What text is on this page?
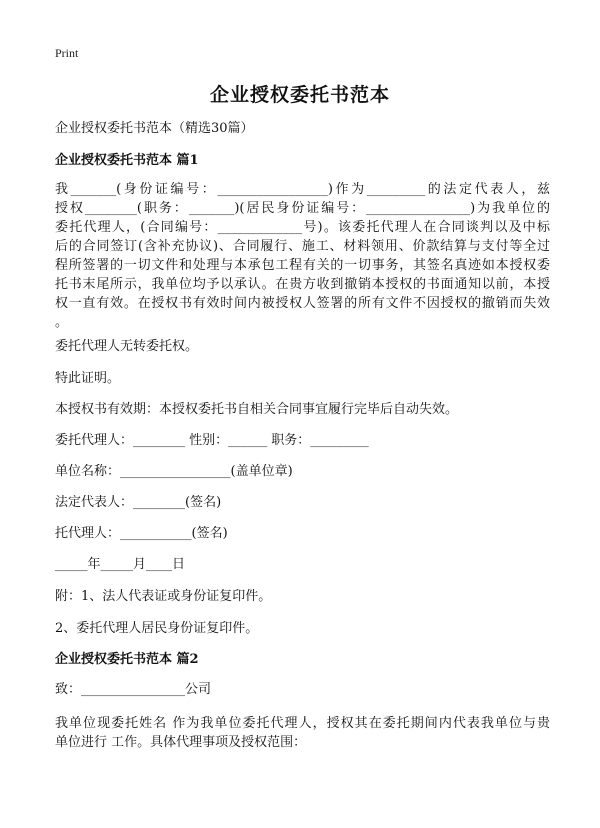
Print
企业授权委托书范本
企业授权委托书范本（精选30篇）
企业授权委托书范本 篇1
我_______(身份证编号：_________________)作为_________的法定代表人，兹
授权________(职务：_______)(居民身份证编号：________________)为我单位的
委托代理人，(合同编号：_____________号)。该委托代理人在合同谈判以及中标
后的合同签订(含补充协议)、合同履行、施工、材料领用、价款结算与支付等全过
程所签署的一切文件和处理与本承包工程有关的一切事务，其签名真迹如本授权委
托书末尾所示，我单位均予以承认。在贵方收到撤销本授权的书面通知以前，本授
权一直有效。在授权书有效时间内被授权人签署的所有文件不因授权的撤销而失效
。
委托代理人无转委托权。
特此证明。
本授权书有效期：本授权委托书自相关合同事宜履行完毕后自动失效。
委托代理人：________ 性别：______ 职务：_________
单位名称：_________________(盖单位章)
法定代表人：________(签名)
托代理人：___________(签名)
_____年_____月____日
附：1、法人代表证或身份证复印件。
2、委托代理人居民身份证复印件。
企业授权委托书范本 篇2
致：________________公司
我单位现委托姓名 作为我单位委托代理人，授权其在委托期间内代表我单位与贵
单位进行 工作。具体代理事项及授权范围：
